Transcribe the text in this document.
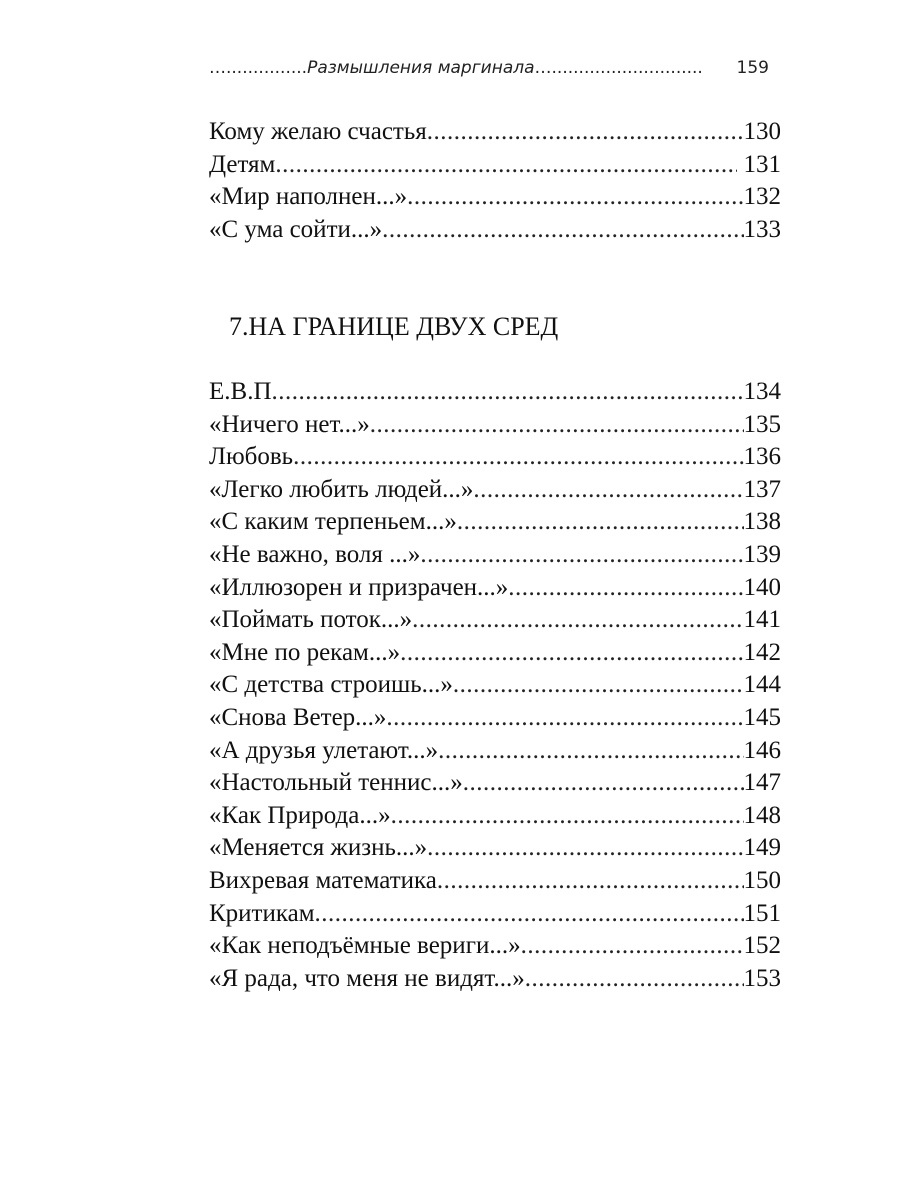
…............... Размышления маргинала …............................	159
Кому желаю счастья .....	130
Детям .....	131
«Мир наполнен...» .....	132
«С ума сойти...» .....	133
7.НА ГРАНИЦЕ ДВУХ СРЕД
Е.В.П .....	134
«Ничего нет...» .....	135
Любовь .....	136
«Легко любить людей...» .....	137
«С каким терпеньем...» .....	138
«Не важно, воля ...» .....	139
«Иллюзорен и призрачен...» .....	140
«Поймать поток...» .....	141
«Мне по рекам...» .....	142
«С детства строишь...» .....	144
«Снова Ветер...» .....	145
«А друзья улетают...» .....	146
«Настольный теннис...» .....	147
«Как Природа...» .....	148
«Меняется жизнь...» .....	149
Вихревая математика .....	150
Критикам .....	151
«Как неподъёмные вериги...» .....	152
«Я рада, что меня не видят...» .....	153
